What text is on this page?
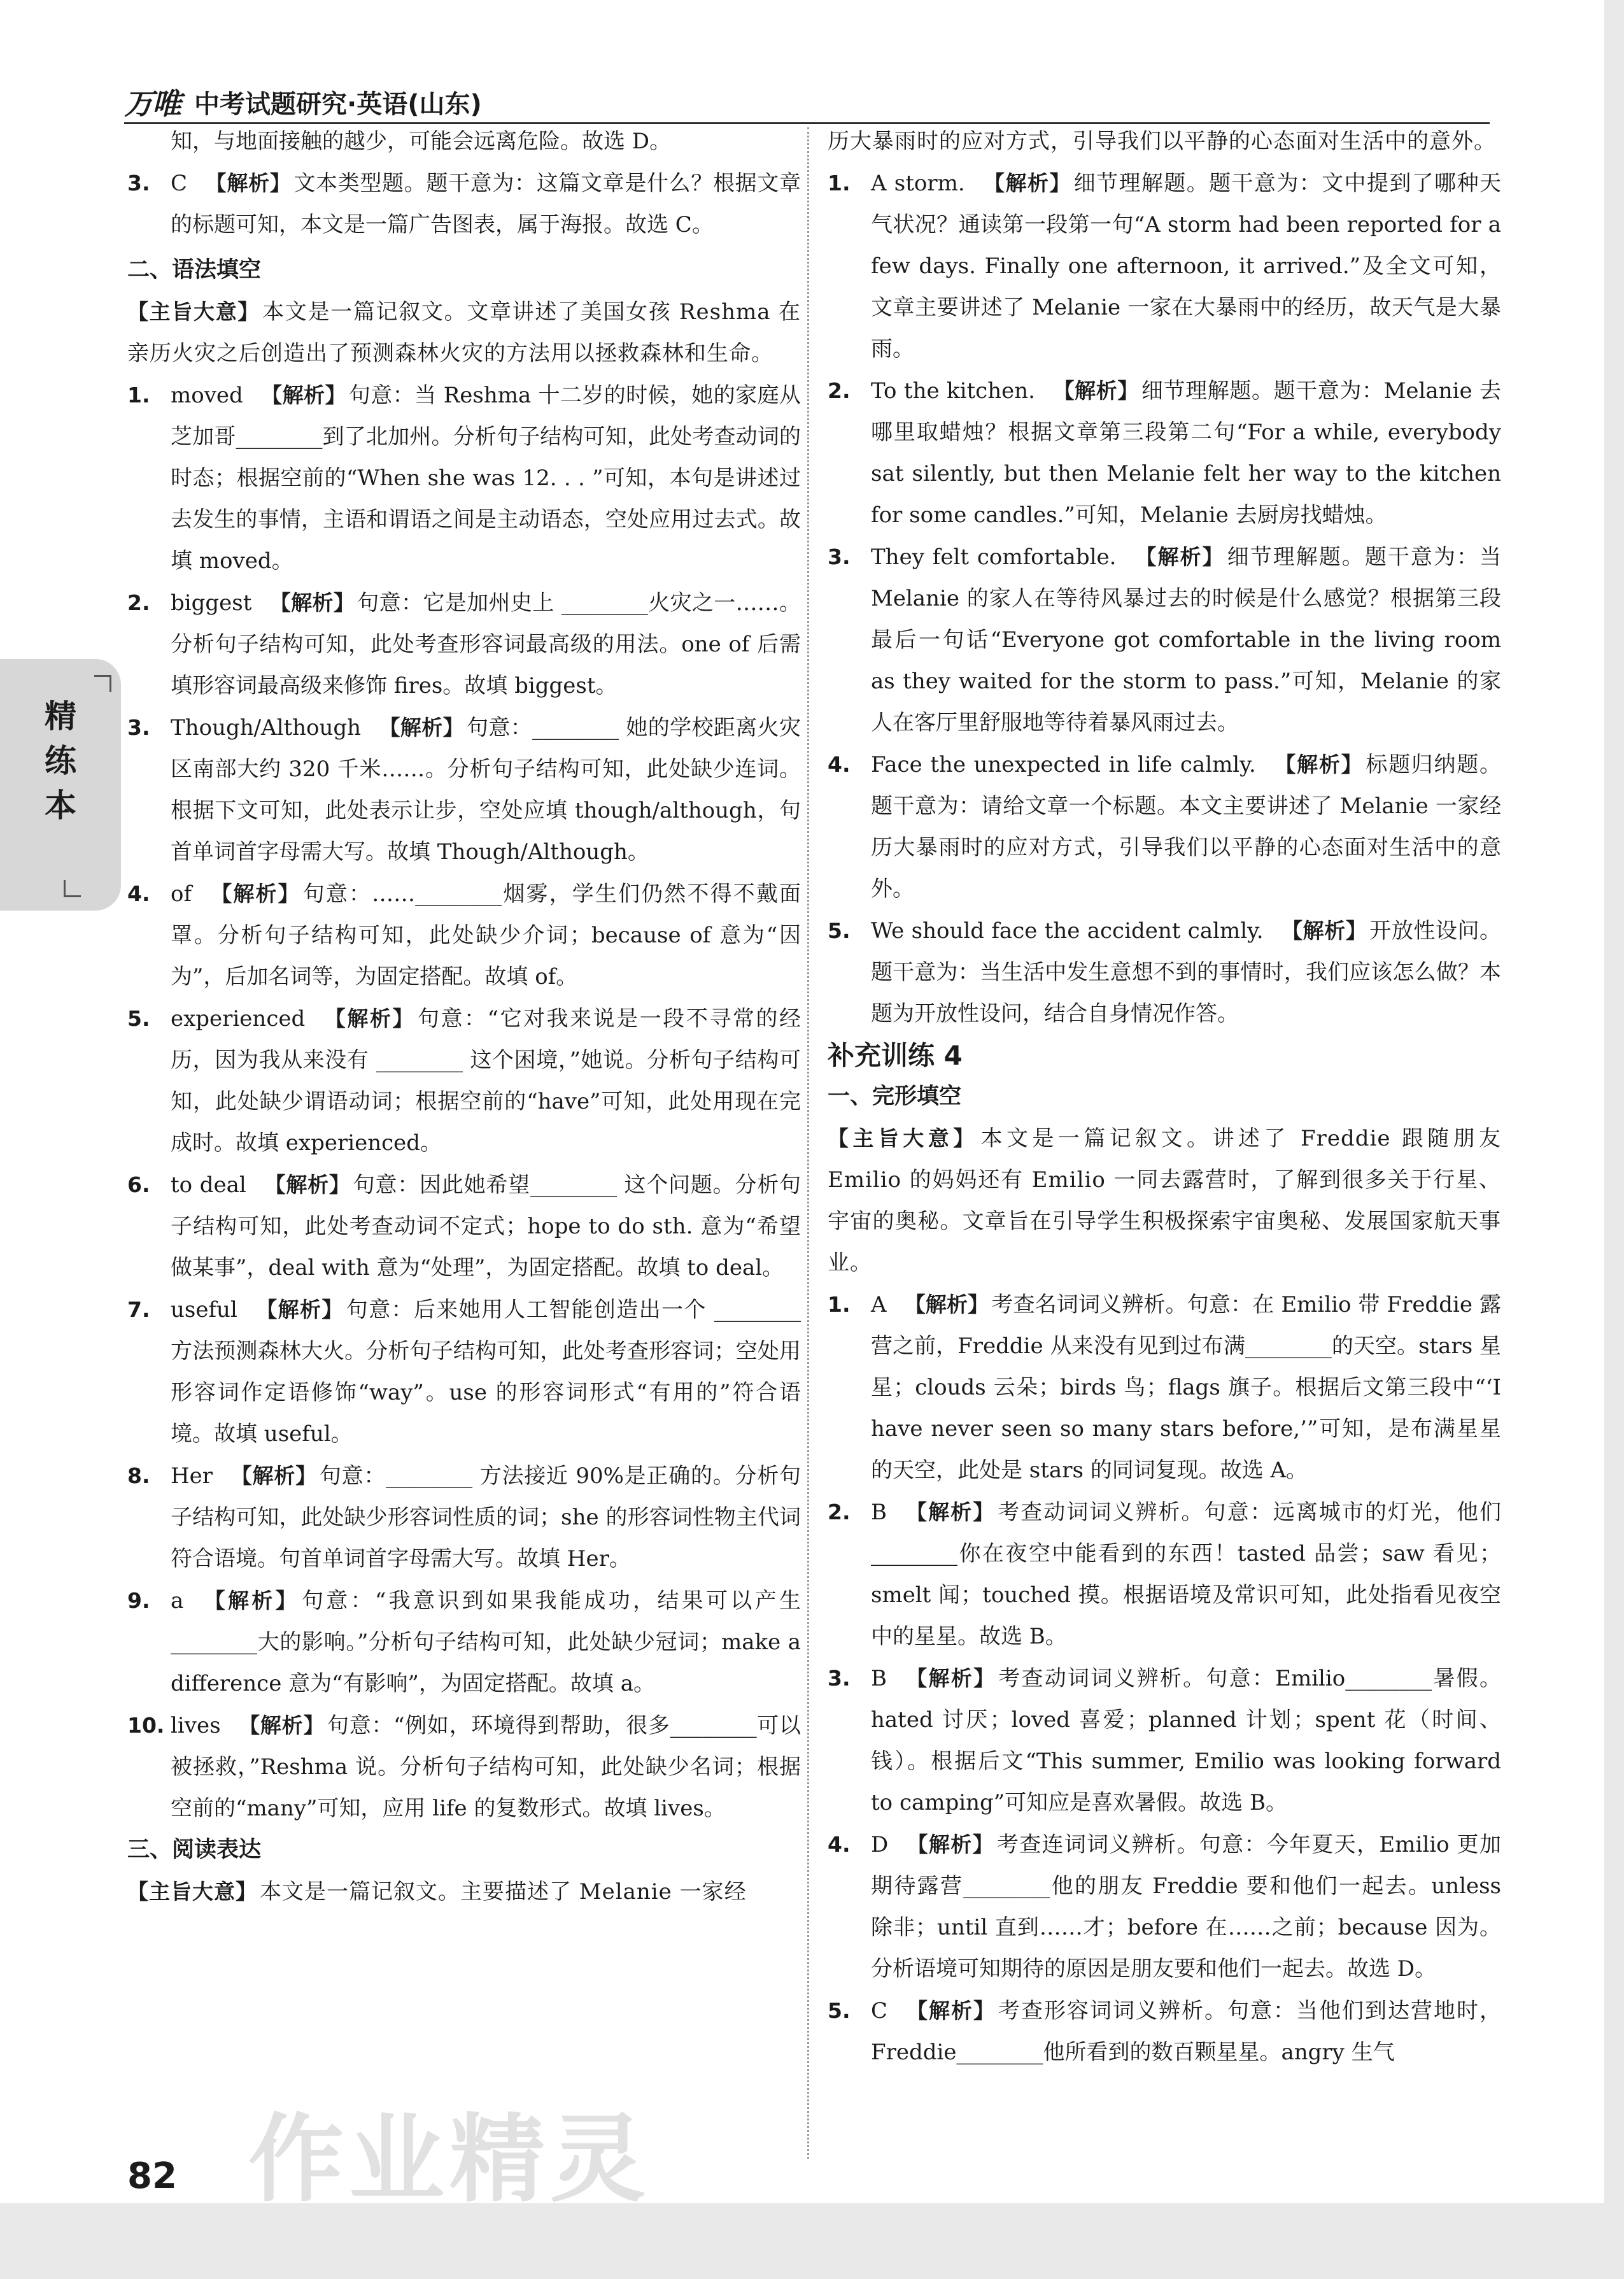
万唯 中考试题研究·英语(山东)
精练本

知，与地面接触的越少，可能会远离危险。故选 D。

3. C 【解析】 文本类型题。题干意为：这篇文章是什么？根据文章的标题可知，本文是一篇广告图表，属于海报。故选 C。

二、语法填空

【主旨大意】 本文是一篇记叙文。文章讲述了美国女孩 Reshma 在亲历火灾之后创造出了预测森林火灾的方法用以拯救森林和生命。

1. moved 【解析】 句意：当 Reshma 十二岁的时候，她的家庭从芝加哥________到了北加州。分析句子结构可知，此处考查动词的时态；根据空前的“When she was 12. . . ”可知，本句是讲述过去发生的事情，主语和谓语之间是主动语态，空处应用过去式。故填 moved。
2. biggest 【解析】 句意：它是加州史上 ________火灾之一……。分析句子结构可知，此处考查形容词最高级的用法。one of 后需填形容词最高级来修饰 fires。故填 biggest。
3. Though/Although 【解析】 句意：________ 她的学校距离火灾区南部大约 320 千米……。分析句子结构可知，此处缺少连词。根据下文可知，此处表示让步，空处应填 though/although，句首单词首字母需大写。故填 Though/Although。
4. of 【解析】 句意：……________烟雾，学生们仍然不得不戴面罩。分析句子结构可知，此处缺少介词；because of 意为“因为”，后加名词等，为固定搭配。故填 of。
5. experienced 【解析】 句意：“它对我来说是一段不寻常的经历，因为我从来没有 ________ 这个困境，”她说。分析句子结构可知，此处缺少谓语动词；根据空前的“have”可知，此处用现在完成时。故填 experienced。
6. to deal 【解析】 句意：因此她希望________ 这个问题。分析句子结构可知，此处考查动词不定式；hope to do sth. 意为“希望做某事”，deal with 意为“处理”，为固定搭配。故填 to deal。
7. useful 【解析】 句意：后来她用人工智能创造出一个 ________方法预测森林大火。分析句子结构可知，此处考查形容词；空处用形容词作定语修饰“way”。use 的形容词形式“有用的”符合语境。故填 useful。
8. Her 【解析】 句意：________ 方法接近 90%是正确的。分析句子结构可知，此处缺少形容词性质的词；she 的形容词性物主代词符合语境。句首单词首字母需大写。故填 Her。
9. a 【解析】 句意：“我意识到如果我能成功，结果可以产生________大的影响。”分析句子结构可知，此处缺少冠词；make a difference 意为“有影响”，为固定搭配。故填 a。
10. lives 【解析】 句意：“例如，环境得到帮助，很多________可以被拯救，”Reshma 说。分析句子结构可知，此处缺少名词；根据空前的“many”可知，应用 life 的复数形式。故填 lives。

三、阅读表达

【主旨大意】 本文是一篇记叙文。主要描述了 Melanie 一家经

历大暴雨时的应对方式，引导我们以平静的心态面对生活中的意外。

1. A storm. 【解析】 细节理解题。题干意为：文中提到了哪种天气状况？通读第一段第一句“A storm had been reported for a few days. Finally one afternoon, it arrived.”及全文可知，文章主要讲述了 Melanie 一家在大暴雨中的经历，故天气是大暴雨。
2. To the kitchen. 【解析】 细节理解题。题干意为：Melanie 去哪里取蜡烛？根据文章第三段第二句“For a while, everybody sat silently, but then Melanie felt her way to the kitchen for some candles.”可知，Melanie 去厨房找蜡烛。
3. They felt comfortable. 【解析】 细节理解题。题干意为：当 Melanie 的家人在等待风暴过去的时候是什么感觉？根据第三段最后一句话“Everyone got comfortable in the living room as they waited for the storm to pass.”可知，Melanie 的家人在客厅里舒服地等待着暴风雨过去。
4. Face the unexpected in life calmly. 【解析】 标题归纳题。题干意为：请给文章一个标题。本文主要讲述了 Melanie 一家经历大暴雨时的应对方式，引导我们以平静的心态面对生活中的意外。
5. We should face the accident calmly. 【解析】 开放性设问。题干意为：当生活中发生意想不到的事情时，我们应该怎么做？本题为开放性设问，结合自身情况作答。

补充训练 4

一、完形填空

【主旨大意】 本文是一篇记叙文。讲述了 Freddie 跟随朋友 Emilio 的妈妈还有 Emilio 一同去露营时，了解到很多关于行星、宇宙的奥秘。文章旨在引导学生积极探索宇宙奥秘、发展国家航天事业。

1. A 【解析】 考查名词词义辨析。句意：在 Emilio 带 Freddie 露营之前，Freddie 从来没有见到过布满________的天空。stars 星星；clouds 云朵；birds 鸟；flags 旗子。根据后文第三段中“‘I have never seen so many stars before,’”可知，是布满星星的天空，此处是 stars 的同词复现。故选 A。
2. B 【解析】 考查动词词义辨析。句意：远离城市的灯光，他们________你在夜空中能看到的东西！tasted 品尝；saw 看见；smelt 闻；touched 摸。根据语境及常识可知，此处指看见夜空中的星星。故选 B。
3. B 【解析】 考查动词词义辨析。句意：Emilio________暑假。hated 讨厌；loved 喜爱；planned 计划；spent 花（时间、钱）。根据后文“This summer, Emilio was looking forward to camping”可知应是喜欢暑假。故选 B。
4. D 【解析】 考查连词词义辨析。句意：今年夏天，Emilio 更加期待露营________他的朋友 Freddie 要和他们一起去。unless 除非；until 直到……才；before 在……之前；because 因为。分析语境可知期待的原因是朋友要和他们一起去。故选 D。
5. C 【解析】 考查形容词词义辨析。句意：当他们到达营地时，Freddie________他所看到的数百颗星星。angry 生气
作业精灵
82
